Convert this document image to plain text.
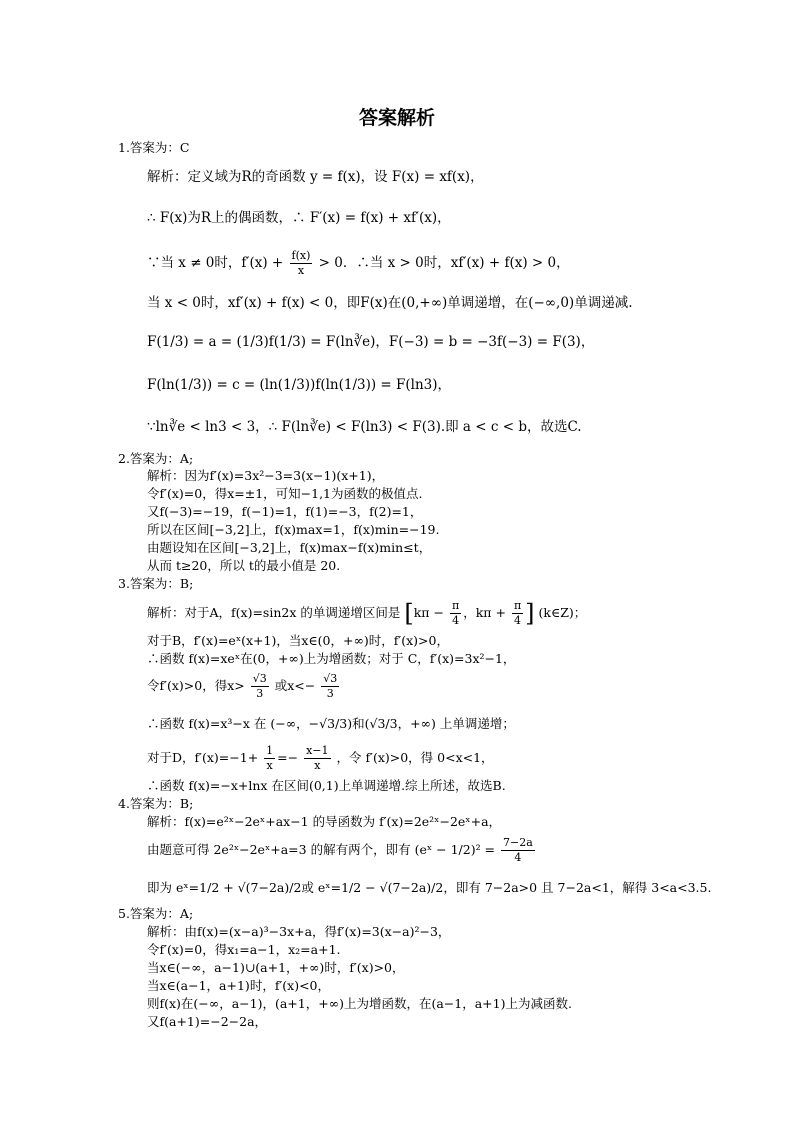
答案解析
1.答案为：C
解析：定义域为R的奇函数 y = f(x)，设 F(x) = xf(x)，
∴ F(x)为R上的偶函数，∴ F′(x) = f(x) + xf′(x)，
∵当 x ≠ 0时，$f'(x) + \frac{f(x)}{x} > 0$．∴当 x > 0时，xf′(x) + f(x) > 0，
当 x < 0时，xf′(x) + f(x) < 0，即F(x)在(0,+∞)单调递增，在(−∞,0)单调递减.
F(1/3) = a = (1/3)f(1/3) = F(ln∛e)，F(−3) = b = −3f(−3) = F(3)，
F(ln(1/3)) = c = (ln(1/3))f(ln(1/3)) = F(ln3)，
∵ln∛e < ln3 < 3，∴ F(ln∛e) < F(ln3) < F(3).即 a < c < b，故选C.
2.答案为：A;
解析：因为f′(x)=3x²−3=3(x−1)(x+1)，
令f′(x)=0，得x=±1，可知−1,1为函数的极值点.
又f(−3)=−19，f(−1)=1，f(1)=−3，f(2)=1，
所以在区间[−3,2]上，f(x)max=1，f(x)min=−19.
由题设知在区间[−3,2]上，f(x)max−f(x)min≤t，
从而 t≥20，所以 t的最小值是 20.
3.答案为：B;
解析：对于A，f(x)=sin2x 的单调递增区间是 [$k\pi - \frac{\pi}{4}$ ，$k\pi + \frac{\pi}{4}$ ] (k∈Z)；
对于B，f′(x)=eˣ(x+1)，当x∈(0，+∞)时，f′(x)>0，
∴函数 f(x)=xeˣ在(0，+∞)上为增函数；对于 C，f′(x)=3x²−1，
令f′(x)>0，得$x> \frac{√3}{3}$ 或$x<- \frac{√3}{3}$
∴函数 f(x)=x³−x 在 (−∞，−√3/3)和(√3/3，+∞) 上单调递增；
对于D，$f'(x)=-1+ \frac{1}{x} =- \frac{x-1}{x}$ ，令 f′(x)>0，得 0<x<1，
∴函数 f(x)=−x+lnx 在区间(0,1)上单调递增.综上所述，故选B.
4.答案为：B;
解析：f(x)=e²ˣ−2eˣ+ax−1 的导函数为 f′(x)=2e²ˣ−2eˣ+a，
由题意可得 2e²ˣ−2eˣ+a=3 的解有两个，即有 (eˣ − $1/2)^2 = \frac{7-2a}{4}$
即为 eˣ=1/2 + √(7−2a)/2或 eˣ=1/2 − √(7−2a)/2，即有 7−2a>0 且 7−2a<1，解得 3<a<3.5.
5.答案为：A;
解析：由f(x)=(x−a)³−3x+a，得f′(x)=3(x−a)²−3，
令f′(x)=0，得x₁=a−1，x₂=a+1.
当x∈(−∞，a−1)∪(a+1，+∞)时，f′(x)>0，
当x∈(a−1，a+1)时，f′(x)<0，
则f(x)在(−∞，a−1)，(a+1，+∞)上为增函数，在(a−1，a+1)上为减函数.
又f(a+1)=−2−2a，
